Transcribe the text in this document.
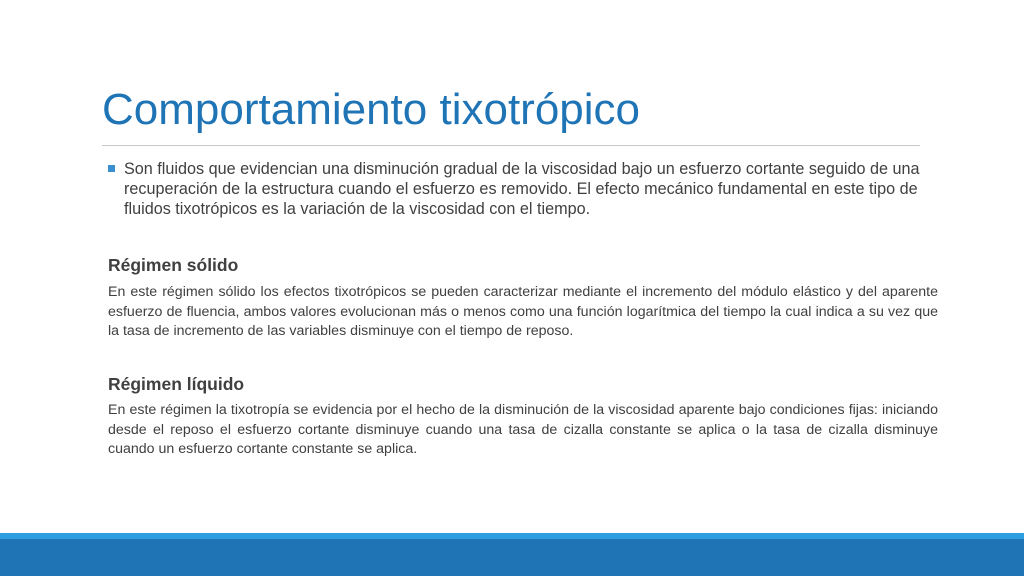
Comportamiento tixotrópico
Son fluidos que evidencian una disminución gradual de la viscosidad bajo un esfuerzo cortante seguido de una recuperación de la estructura cuando el esfuerzo es removido. El efecto mecánico fundamental en este tipo de fluidos tixotrópicos es la variación de la viscosidad con el tiempo.
Régimen sólido
En este régimen sólido los efectos tixotrópicos se pueden caracterizar mediante el incremento del módulo elástico y del aparente esfuerzo de fluencia, ambos valores evolucionan más o menos como una función logarítmica del tiempo la cual indica a su vez que la tasa de incremento de las variables disminuye con el tiempo de reposo.
Régimen líquido
En este régimen la tixotropía se evidencia por el hecho de la disminución de la viscosidad aparente bajo condiciones fijas: iniciando desde el reposo el esfuerzo cortante disminuye cuando una tasa de cizalla constante se aplica o la tasa de cizalla disminuye cuando un esfuerzo cortante constante se aplica.
